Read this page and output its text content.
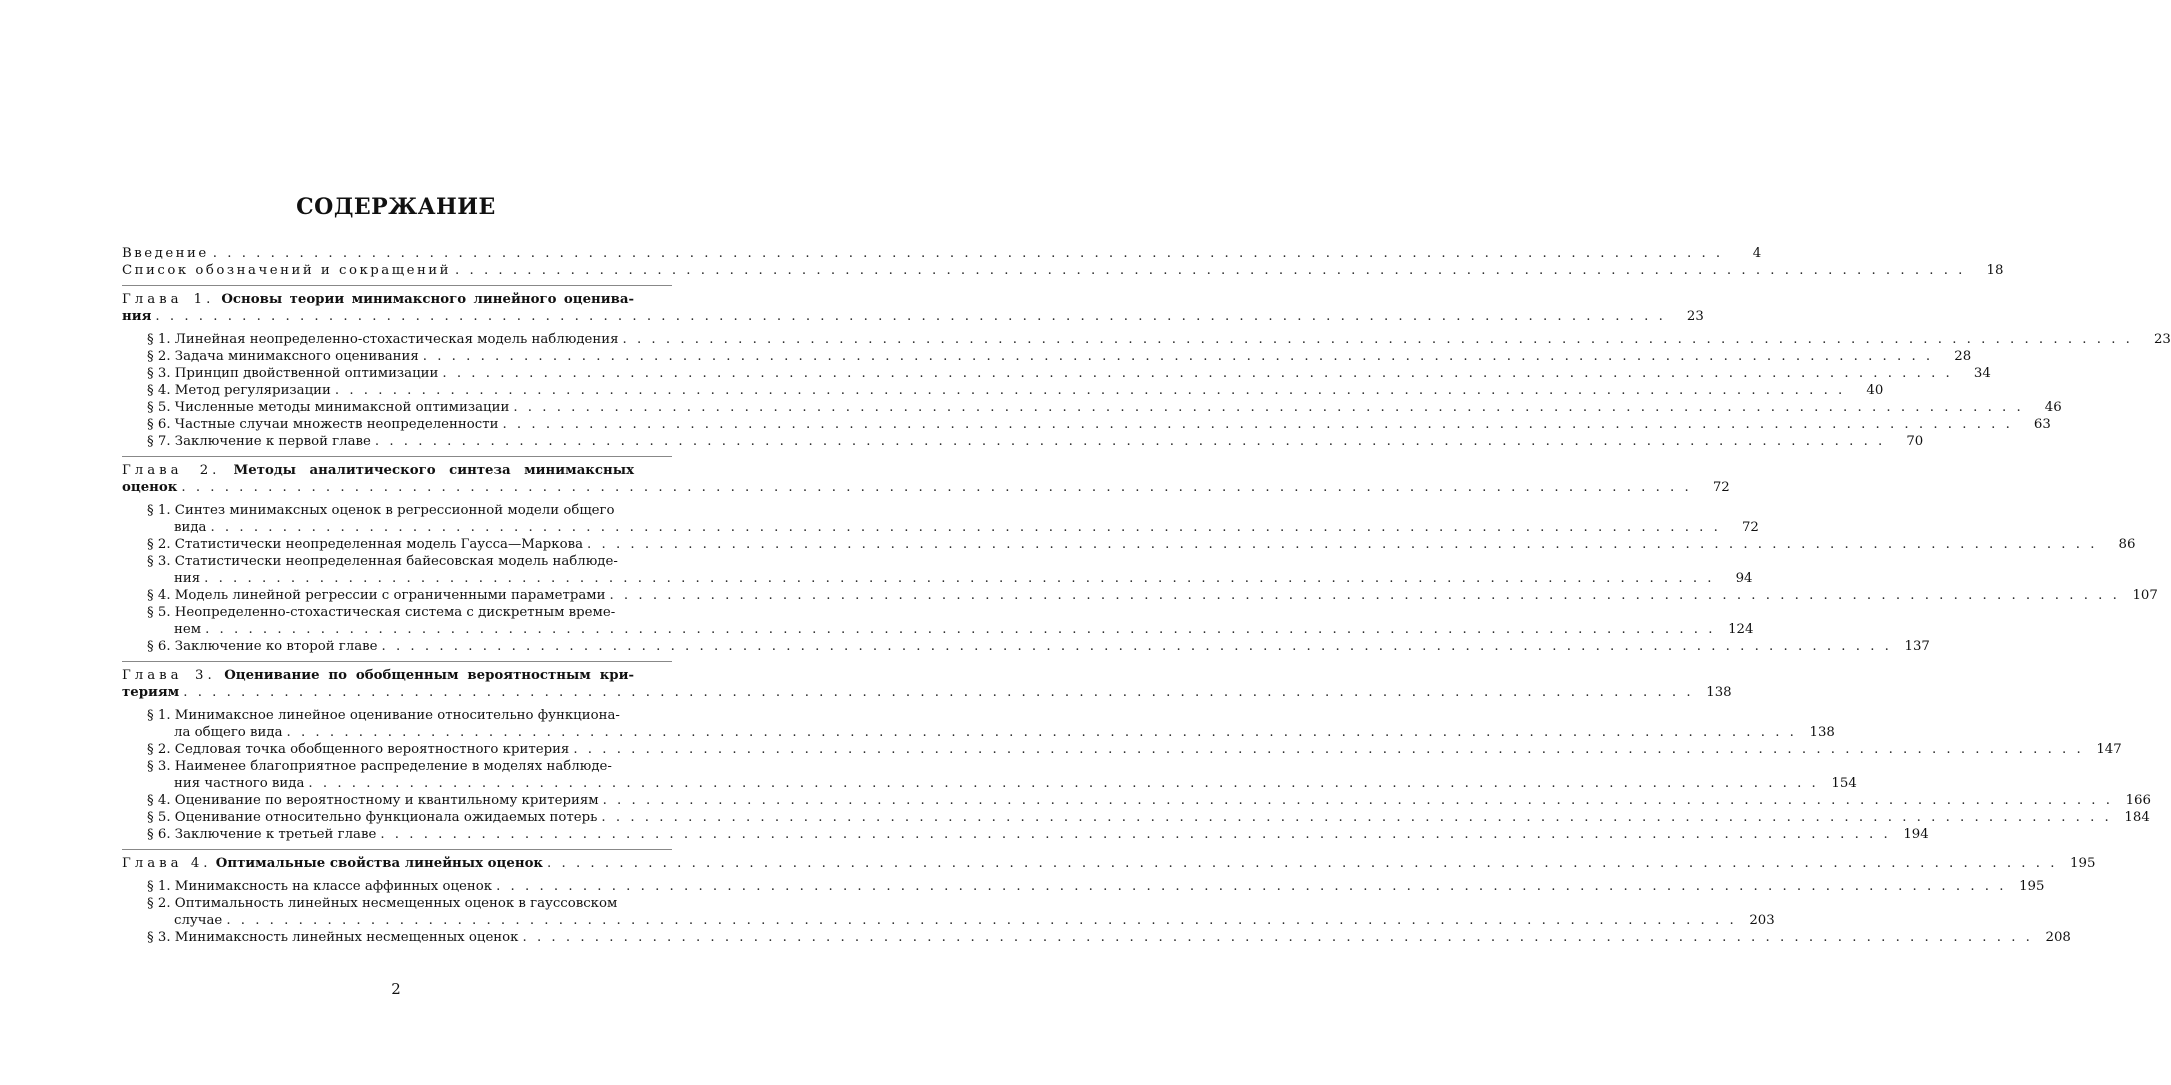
СОДЕРЖАНИЕ
Введение . . . . . . . . . . . . . . . . . . . . . . . . . . . . . . . . . . . . . . . . . . . . . . . . . . . . . . . . . . . . . . . . . . . . . . . . . . . . . . . . . . . . . . . . . . . . . . . . . . . . . . . . .	4
Список обозначений и сокращений . . . . . . . . . . . . . . . . . . . . . . . . . . . . . . . . . . . . . . . . . . . . . . . . . . . . . . . . . . . . . . . . . . . . . . . . . . . . . . . . . . . . . . . . . . . . . . . . . . . . . . . . .	18
Глава 1. Основы теории минимаксного линейного оценива-
ния . . . . . . . . . . . . . . . . . . . . . . . . . . . . . . . . . . . . . . . . . . . . . . . . . . . . . . . . . . . . . . . . . . . . . . . . . . . . . . . . . . . . . . . . . . . . . . . . . . . . . . . . .	23
§ 1. Линейная неопределенно-стохастическая модель наблюдения . . . . . . . . . . . . . . . . . . . . . . . . . . . . . . . . . . . . . . . . . . . . . . . . . . . . . . . . . . . . . . . . . . . . . . . . . . . . . . . . . . . . . . . . . . . . . . . . . . . . . . . . .	23
§ 2. Задача минимаксного оценивания . . . . . . . . . . . . . . . . . . . . . . . . . . . . . . . . . . . . . . . . . . . . . . . . . . . . . . . . . . . . . . . . . . . . . . . . . . . . . . . . . . . . . . . . . . . . . . . . . . . . . . . . .	28
§ 3. Принцип двойственной оптимизации . . . . . . . . . . . . . . . . . . . . . . . . . . . . . . . . . . . . . . . . . . . . . . . . . . . . . . . . . . . . . . . . . . . . . . . . . . . . . . . . . . . . . . . . . . . . . . . . . . . . . . . . .	34
§ 4. Метод регуляризации . . . . . . . . . . . . . . . . . . . . . . . . . . . . . . . . . . . . . . . . . . . . . . . . . . . . . . . . . . . . . . . . . . . . . . . . . . . . . . . . . . . . . . . . . . . . . . . . . . . . . . . . .	40
§ 5. Численные методы минимаксной оптимизации . . . . . . . . . . . . . . . . . . . . . . . . . . . . . . . . . . . . . . . . . . . . . . . . . . . . . . . . . . . . . . . . . . . . . . . . . . . . . . . . . . . . . . . . . . . . . . . . . . . . . . . . .	46
§ 6. Частные случаи множеств неопределенности . . . . . . . . . . . . . . . . . . . . . . . . . . . . . . . . . . . . . . . . . . . . . . . . . . . . . . . . . . . . . . . . . . . . . . . . . . . . . . . . . . . . . . . . . . . . . . . . . . . . . . . . .	63
§ 7. Заключение к первой главе . . . . . . . . . . . . . . . . . . . . . . . . . . . . . . . . . . . . . . . . . . . . . . . . . . . . . . . . . . . . . . . . . . . . . . . . . . . . . . . . . . . . . . . . . . . . . . . . . . . . . . . . .	70
Глава 2. Методы аналитического синтеза минимаксных
оценок . . . . . . . . . . . . . . . . . . . . . . . . . . . . . . . . . . . . . . . . . . . . . . . . . . . . . . . . . . . . . . . . . . . . . . . . . . . . . . . . . . . . . . . . . . . . . . . . . . . . . . . . .	72
§ 1. Синтез минимаксных оценок в регрессионной модели общего
вида . . . . . . . . . . . . . . . . . . . . . . . . . . . . . . . . . . . . . . . . . . . . . . . . . . . . . . . . . . . . . . . . . . . . . . . . . . . . . . . . . . . . . . . . . . . . . . . . . . . . . . . . .	72
§ 2. Статистически неопределенная модель Гаусса—Маркова . . . . . . . . . . . . . . . . . . . . . . . . . . . . . . . . . . . . . . . . . . . . . . . . . . . . . . . . . . . . . . . . . . . . . . . . . . . . . . . . . . . . . . . . . . . . . . . . . . . . . . . . .	86
§ 3. Статистически неопределенная байесовская модель наблюде-
ния . . . . . . . . . . . . . . . . . . . . . . . . . . . . . . . . . . . . . . . . . . . . . . . . . . . . . . . . . . . . . . . . . . . . . . . . . . . . . . . . . . . . . . . . . . . . . . . . . . . . . . . . .	94
§ 4. Модель линейной регрессии с ограниченными параметрами . . . . . . . . . . . . . . . . . . . . . . . . . . . . . . . . . . . . . . . . . . . . . . . . . . . . . . . . . . . . . . . . . . . . . . . . . . . . . . . . . . . . . . . . . . . . . . . . . . . . . . . . . 107
§ 5. Неопределенно-стохастическая система с дискретным време-
нем . . . . . . . . . . . . . . . . . . . . . . . . . . . . . . . . . . . . . . . . . . . . . . . . . . . . . . . . . . . . . . . . . . . . . . . . . . . . . . . . . . . . . . . . . . . . . . . . . . . . . . . . . 124
§ 6. Заключение ко второй главе . . . . . . . . . . . . . . . . . . . . . . . . . . . . . . . . . . . . . . . . . . . . . . . . . . . . . . . . . . . . . . . . . . . . . . . . . . . . . . . . . . . . . . . . . . . . . . . . . . . . . . . . . 137
Глава 3. Оценивание по обобщенным вероятностным кри-
териям . . . . . . . . . . . . . . . . . . . . . . . . . . . . . . . . . . . . . . . . . . . . . . . . . . . . . . . . . . . . . . . . . . . . . . . . . . . . . . . . . . . . . . . . . . . . . . . . . . . . . . . . . 138
§ 1. Минимаксное линейное оценивание относительно функциона-
ла общего вида . . . . . . . . . . . . . . . . . . . . . . . . . . . . . . . . . . . . . . . . . . . . . . . . . . . . . . . . . . . . . . . . . . . . . . . . . . . . . . . . . . . . . . . . . . . . . . . . . . . . . . . . . 138
§ 2. Седловая точка обобщенного вероятностного критерия . . . . . . . . . . . . . . . . . . . . . . . . . . . . . . . . . . . . . . . . . . . . . . . . . . . . . . . . . . . . . . . . . . . . . . . . . . . . . . . . . . . . . . . . . . . . . . . . . . . . . . . . . 147
§ 3. Наименее благоприятное распределение в моделях наблюде-
ния частного вида . . . . . . . . . . . . . . . . . . . . . . . . . . . . . . . . . . . . . . . . . . . . . . . . . . . . . . . . . . . . . . . . . . . . . . . . . . . . . . . . . . . . . . . . . . . . . . . . . . . . . . . . . 154
§ 4. Оценивание по вероятностному и квантильному критериям . . . . . . . . . . . . . . . . . . . . . . . . . . . . . . . . . . . . . . . . . . . . . . . . . . . . . . . . . . . . . . . . . . . . . . . . . . . . . . . . . . . . . . . . . . . . . . . . . . . . . . . . . 166
§ 5. Оценивание относительно функционала ожидаемых потерь . . . . . . . . . . . . . . . . . . . . . . . . . . . . . . . . . . . . . . . . . . . . . . . . . . . . . . . . . . . . . . . . . . . . . . . . . . . . . . . . . . . . . . . . . . . . . . . . . . . . . . . . . 184
§ 6. Заключение к третьей главе . . . . . . . . . . . . . . . . . . . . . . . . . . . . . . . . . . . . . . . . . . . . . . . . . . . . . . . . . . . . . . . . . . . . . . . . . . . . . . . . . . . . . . . . . . . . . . . . . . . . . . . . . 194
Глава 4. Оптимальные свойства линейных оценок . . . . . . . . . . . . . . . . . . . . . . . . . . . . . . . . . . . . . . . . . . . . . . . . . . . . . . . . . . . . . . . . . . . . . . . . . . . . . . . . . . . . . . . . . . . . . . . . . . . . . . . . . 195
§ 1. Минимаксность на классе аффинных оценок . . . . . . . . . . . . . . . . . . . . . . . . . . . . . . . . . . . . . . . . . . . . . . . . . . . . . . . . . . . . . . . . . . . . . . . . . . . . . . . . . . . . . . . . . . . . . . . . . . . . . . . . . 195
§ 2. Оптимальность линейных несмещенных оценок в гауссовском
случае . . . . . . . . . . . . . . . . . . . . . . . . . . . . . . . . . . . . . . . . . . . . . . . . . . . . . . . . . . . . . . . . . . . . . . . . . . . . . . . . . . . . . . . . . . . . . . . . . . . . . . . . . 203
§ 3. Минимаксность линейных несмещенных оценок . . . . . . . . . . . . . . . . . . . . . . . . . . . . . . . . . . . . . . . . . . . . . . . . . . . . . . . . . . . . . . . . . . . . . . . . . . . . . . . . . . . . . . . . . . . . . . . . . . . . . . . . . 208
2
